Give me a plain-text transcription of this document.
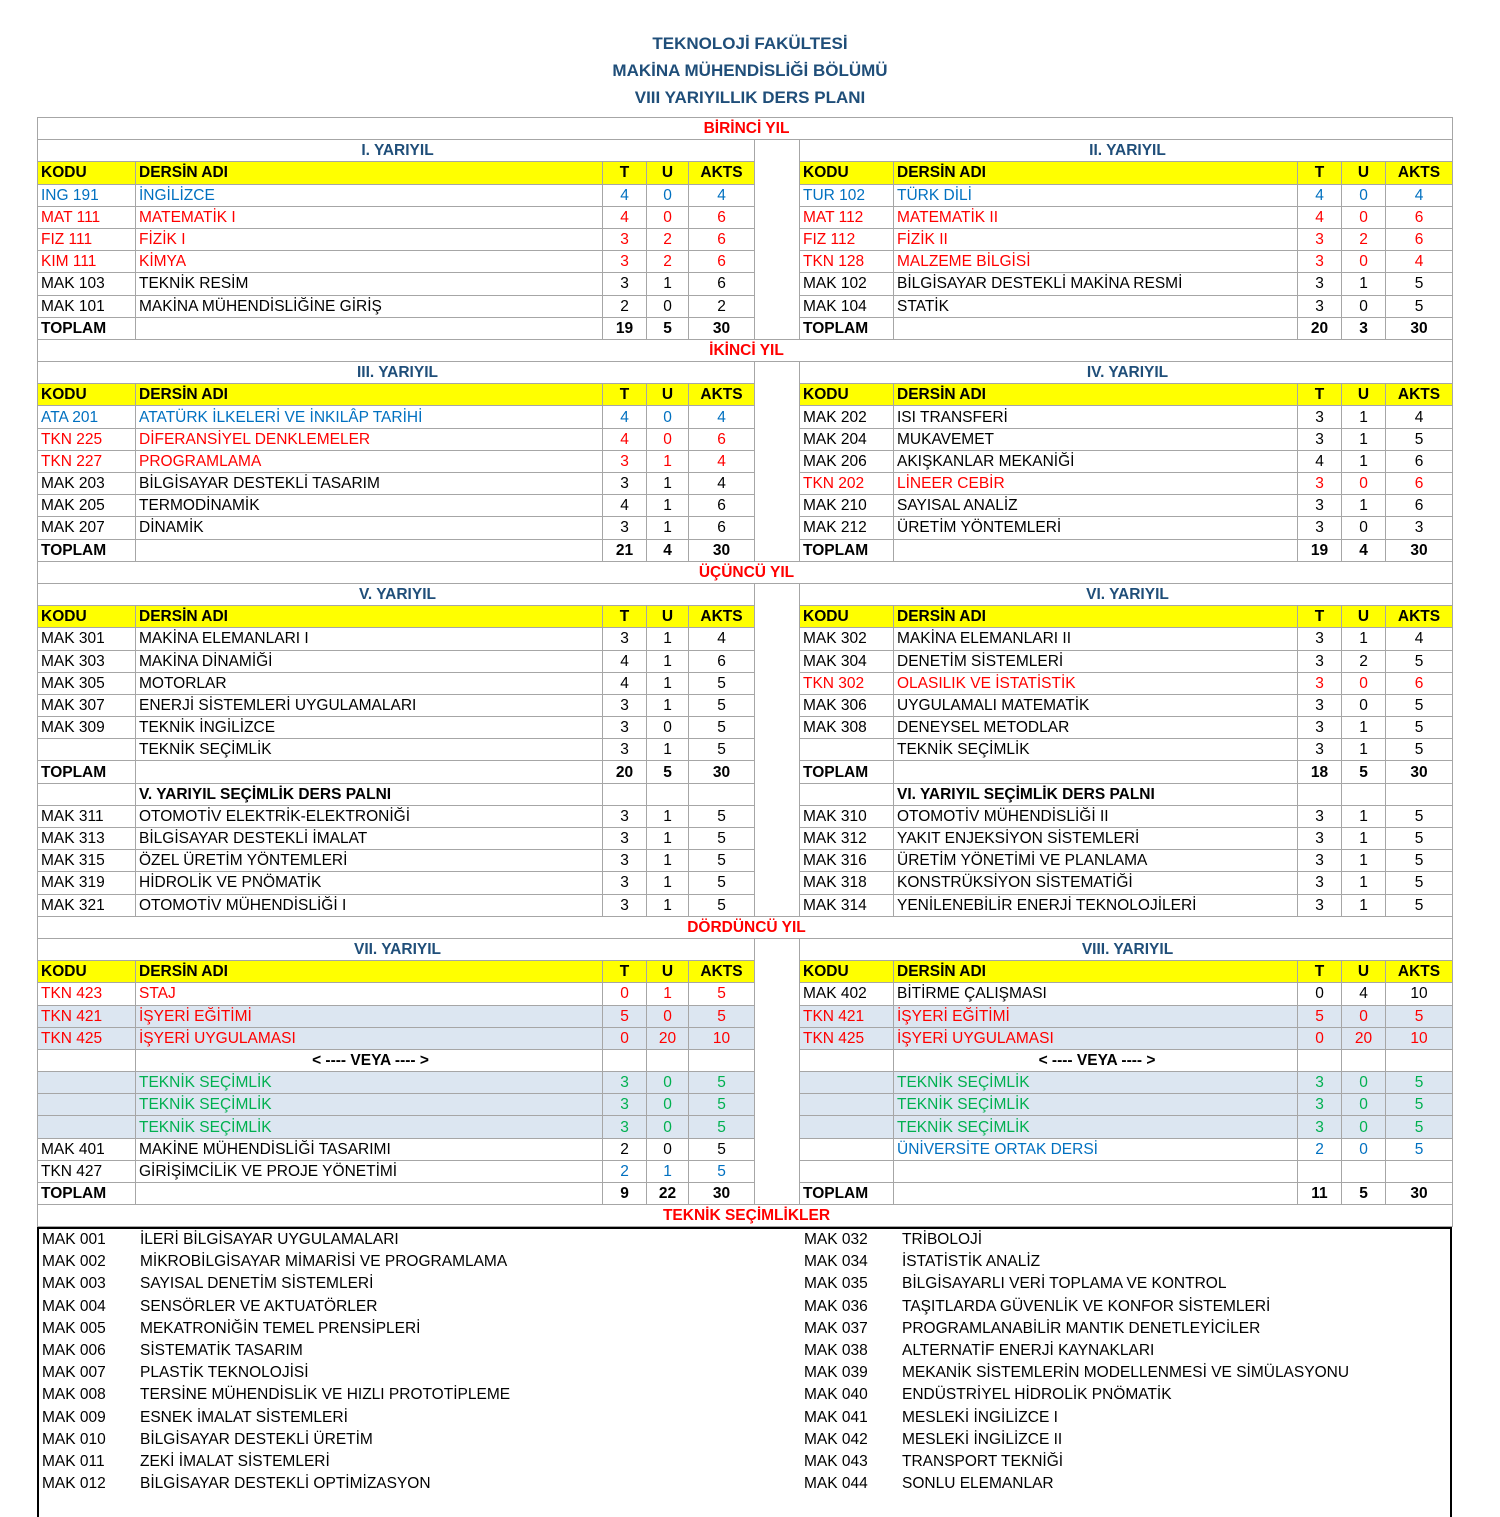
TEKNOLOJİ FAKÜLTESİ
MAKİNA MÜHENDİSLİĞİ BÖLÜMÜ
VIII YARIYILLIK DERS PLANI
BİRİNCİ YIL										
I. YARIYIL						II. YARIYIL				
KODU	DERSİN ADI	T	U	AKTS		KODU	DERSİN ADI	T	U	AKTS
ING 191	İNGİLİZCE	4	0	4		TUR 102	TÜRK DİLİ	4	0	4
MAT 111	MATEMATİK I	4	0	6		MAT 112	MATEMATİK II	4	0	6
FIZ 111	FİZİK I	3	2	6		FIZ 112	FİZİK II	3	2	6
KIM 111	KİMYA	3	2	6		TKN 128	MALZEME BİLGİSİ	3	0	4
MAK 103	TEKNİK RESİM	3	1	6		MAK 102	BİLGİSAYAR DESTEKLİ MAKİNA RESMİ	3	1	5
MAK 101	MAKİNA MÜHENDİSLİĞİNE GİRİŞ	2	0	2		MAK 104	STATİK	3	0	5
TOPLAM		19	5	30		TOPLAM		20	3	30
İKİNCİ YIL										
III. YARIYIL						IV. YARIYIL				
KODU	DERSİN ADI	T	U	AKTS		KODU	DERSİN ADI	T	U	AKTS
ATA 201	ATATÜRK İLKELERİ VE İNKILÂP TARİHİ	4	0	4		MAK 202	ISI TRANSFERİ	3	1	4
TKN 225	DİFERANSİYEL DENKLEMELER	4	0	6		MAK 204	MUKAVEMET	3	1	5
TKN 227	PROGRAMLAMA	3	1	4		MAK 206	AKIŞKANLAR MEKANİĞİ	4	1	6
MAK 203	BİLGİSAYAR DESTEKLİ TASARIM	3	1	4		TKN 202	LİNEER CEBİR	3	0	6
MAK 205	TERMODİNAMİK	4	1	6		MAK 210	SAYISAL ANALİZ	3	1	6
MAK 207	DİNAMİK	3	1	6		MAK 212	ÜRETİM YÖNTEMLERİ	3	0	3
TOPLAM		21	4	30		TOPLAM		19	4	30
ÜÇÜNCÜ YIL										
V. YARIYIL						VI. YARIYIL				
KODU	DERSİN ADI	T	U	AKTS		KODU	DERSİN ADI	T	U	AKTS
MAK 301	MAKİNA ELEMANLARI I	3	1	4		MAK 302	MAKİNA ELEMANLARI II	3	1	4
MAK 303	MAKİNA DİNAMİĞİ	4	1	6		MAK 304	DENETİM SİSTEMLERİ	3	2	5
MAK 305	MOTORLAR	4	1	5		TKN 302	OLASILIK VE İSTATİSTİK	3	0	6
MAK 307	ENERJİ SİSTEMLERİ UYGULAMALARI	3	1	5		MAK 306	UYGULAMALI MATEMATİK	3	0	5
MAK 309	TEKNİK İNGİLİZCE	3	0	5		MAK 308	DENEYSEL METODLAR	3	1	5
	TEKNİK SEÇİMLİK	3	1	5			TEKNİK SEÇİMLİK	3	1	5
TOPLAM		20	5	30		TOPLAM		18	5	30
	V. YARIYIL SEÇİMLİK DERS PALNI						VI. YARIYIL SEÇİMLİK DERS PALNI			
MAK 311	OTOMOTİV ELEKTRİK-ELEKTRONİĞİ	3	1	5		MAK 310	OTOMOTİV MÜHENDİSLİĞİ II	3	1	5
MAK 313	BİLGİSAYAR DESTEKLİ İMALAT	3	1	5		MAK 312	YAKIT ENJEKSİYON SİSTEMLERİ	3	1	5
MAK 315	ÖZEL ÜRETİM YÖNTEMLERİ	3	1	5		MAK 316	ÜRETİM YÖNETİMİ VE PLANLAMA	3	1	5
MAK 319	HİDROLİK VE PNÖMATİK	3	1	5		MAK 318	KONSTRÜKSİYON SİSTEMATİĞİ	3	1	5
MAK 321	OTOMOTİV MÜHENDİSLİĞİ I	3	1	5		MAK 314	YENİLENEBİLİR ENERJİ TEKNOLOJİLERİ	3	1	5
DÖRDÜNCÜ YIL										
VII. YARIYIL						VIII. YARIYIL				
KODU	DERSİN ADI	T	U	AKTS		KODU	DERSİN ADI	T	U	AKTS
TKN 423	STAJ	0	1	5		MAK 402	BİTİRME ÇALIŞMASI	0	4	10
TKN 421	İŞYERİ EĞİTİMİ	5	0	5		TKN 421	İŞYERİ EĞİTİMİ	5	0	5
TKN 425	İŞYERİ UYGULAMASI	0	20	10		TKN 425	İŞYERİ UYGULAMASI	0	20	10
	< ---- VEYA ---- >						< ---- VEYA ---- >			
	TEKNİK SEÇİMLİK	3	0	5			TEKNİK SEÇİMLİK	3	0	5
	TEKNİK SEÇİMLİK	3	0	5			TEKNİK SEÇİMLİK	3	0	5
	TEKNİK SEÇİMLİK	3	0	5			TEKNİK SEÇİMLİK	3	0	5
MAK 401	MAKİNE MÜHENDİSLİĞİ TASARIMI	2	0	5			ÜNİVERSİTE ORTAK DERSİ	2	0	5
TKN 427	GİRİŞİMCİLİK VE PROJE YÖNETİMİ	2	1	5						
TOPLAM		9	22	30		TOPLAM		11	5	30
TEKNİK SEÇİMLİKLER										
MAK 001 İLERİ BİLGİSAYAR UYGULAMALARI
MAK 002 MİKROBİLGİSAYAR MİMARİSİ VE PROGRAMLAMA
MAK 003 SAYISAL DENETİM SİSTEMLERİ
MAK 004 SENSÖRLER VE AKTUATÖRLER
MAK 005 MEKATRONİĞİN TEMEL PRENSİPLERİ
MAK 006 SİSTEMATİK TASARIM
MAK 007 PLASTİK TEKNOLOJİSİ
MAK 008 TERSİNE MÜHENDİSLİK VE HIZLI PROTOTİPLEME
MAK 009 ESNEK İMALAT SİSTEMLERİ
MAK 010 BİLGİSAYAR DESTEKLİ ÜRETİM
MAK 011 ZEKİ İMALAT SİSTEMLERİ
MAK 012 BİLGİSAYAR DESTEKLİ OPTİMİZASYON
MAK 032 TRİBOLOJİ
MAK 034 İSTATİSTİK ANALİZ
MAK 035 BİLGİSAYARLI VERİ TOPLAMA VE KONTROL
MAK 036 TAŞITLARDA GÜVENLİK VE KONFOR SİSTEMLERİ
MAK 037 PROGRAMLANABİLİR MANTIK DENETLEYİCİLER
MAK 038 ALTERNATİF ENERJİ KAYNAKLARI
MAK 039 MEKANİK SİSTEMLERİN MODELLENMESİ VE SİMÜLASYONU
MAK 040 ENDÜSTRİYEL HİDROLİK PNÖMATİK
MAK 041 MESLEKİ İNGİLİZCE I
MAK 042 MESLEKİ İNGİLİZCE II
MAK 043 TRANSPORT TEKNİĞİ
MAK 044 SONLU ELEMANLAR
